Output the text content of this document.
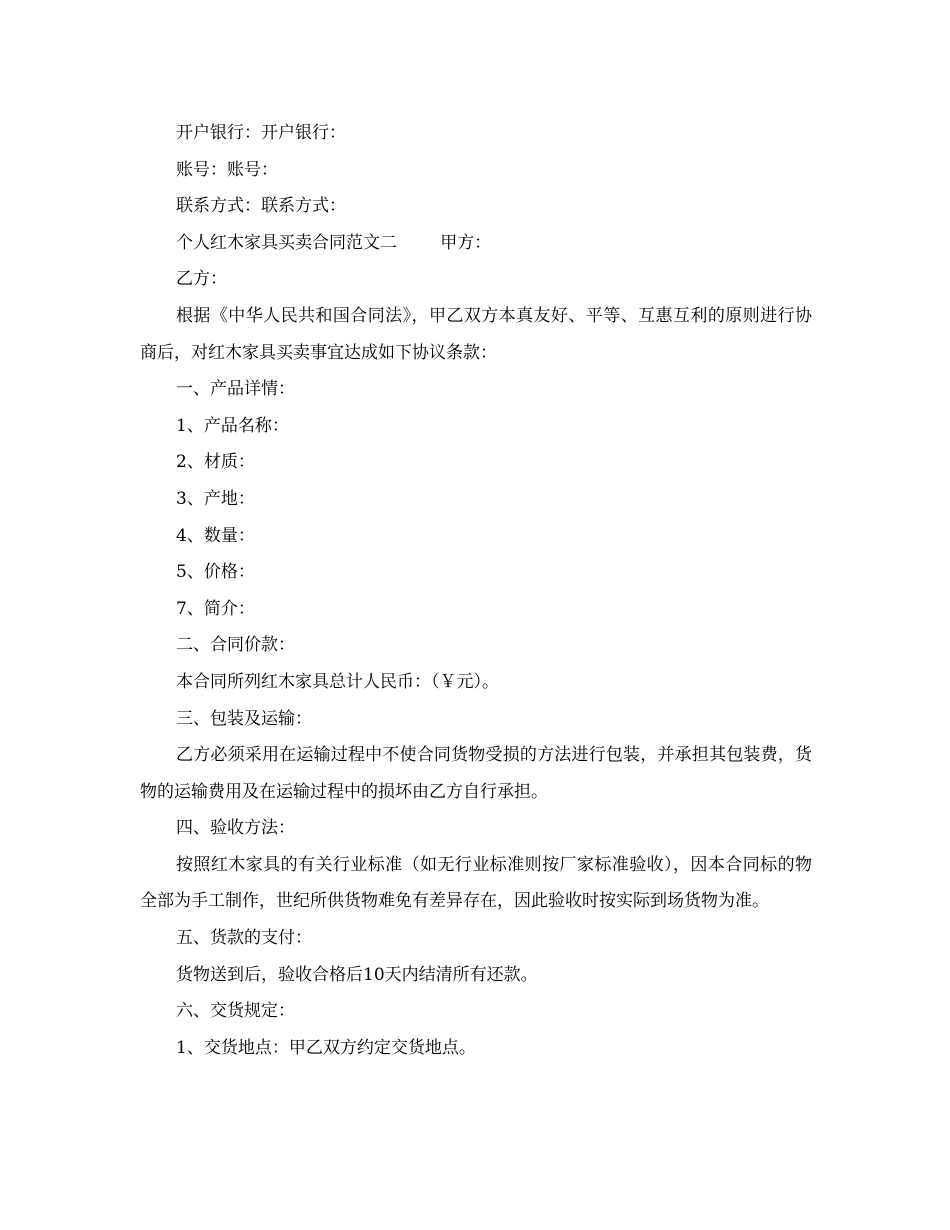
开户银行：开户银行：

账号：账号：

联系方式：联系方式：

个人红木家具买卖合同范文二        甲方：

乙方：

根据《中华人民共和国合同法》，甲乙双方本真友好、平等、互惠互利的原则进行协商后，对红木家具买卖事宜达成如下协议条款：

一、产品详情：

1、产品名称：

2、材质：

3、产地：

4、数量：

5、价格：

7、简介：

二、合同价款：

本合同所列红木家具总计人民币：（￥元）。

三、包装及运输：

乙方必须采用在运输过程中不使合同货物受损的方法进行包装，并承担其包装费，货物的运输费用及在运输过程中的损坏由乙方自行承担。

四、验收方法：

按照红木家具的有关行业标准（如无行业标准则按厂家标准验收），因本合同标的物全部为手工制作，世纪所供货物难免有差异存在，因此验收时按实际到场货物为准。

五、货款的支付：

货物送到后，验收合格后10天内结清所有还款。

六、交货规定：

1、交货地点：甲乙双方约定交货地点。
